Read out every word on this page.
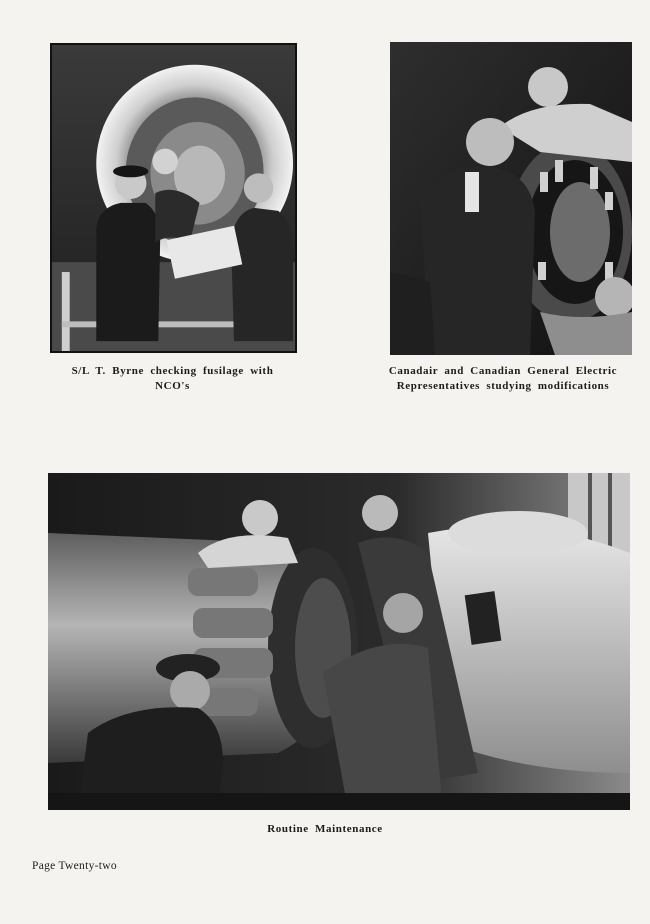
S/L T. Byrne checking fusilage with
NCO's
Canadair and Canadian General Electric
Representatives studying modifications
Routine Maintenance
Page Twenty-two
